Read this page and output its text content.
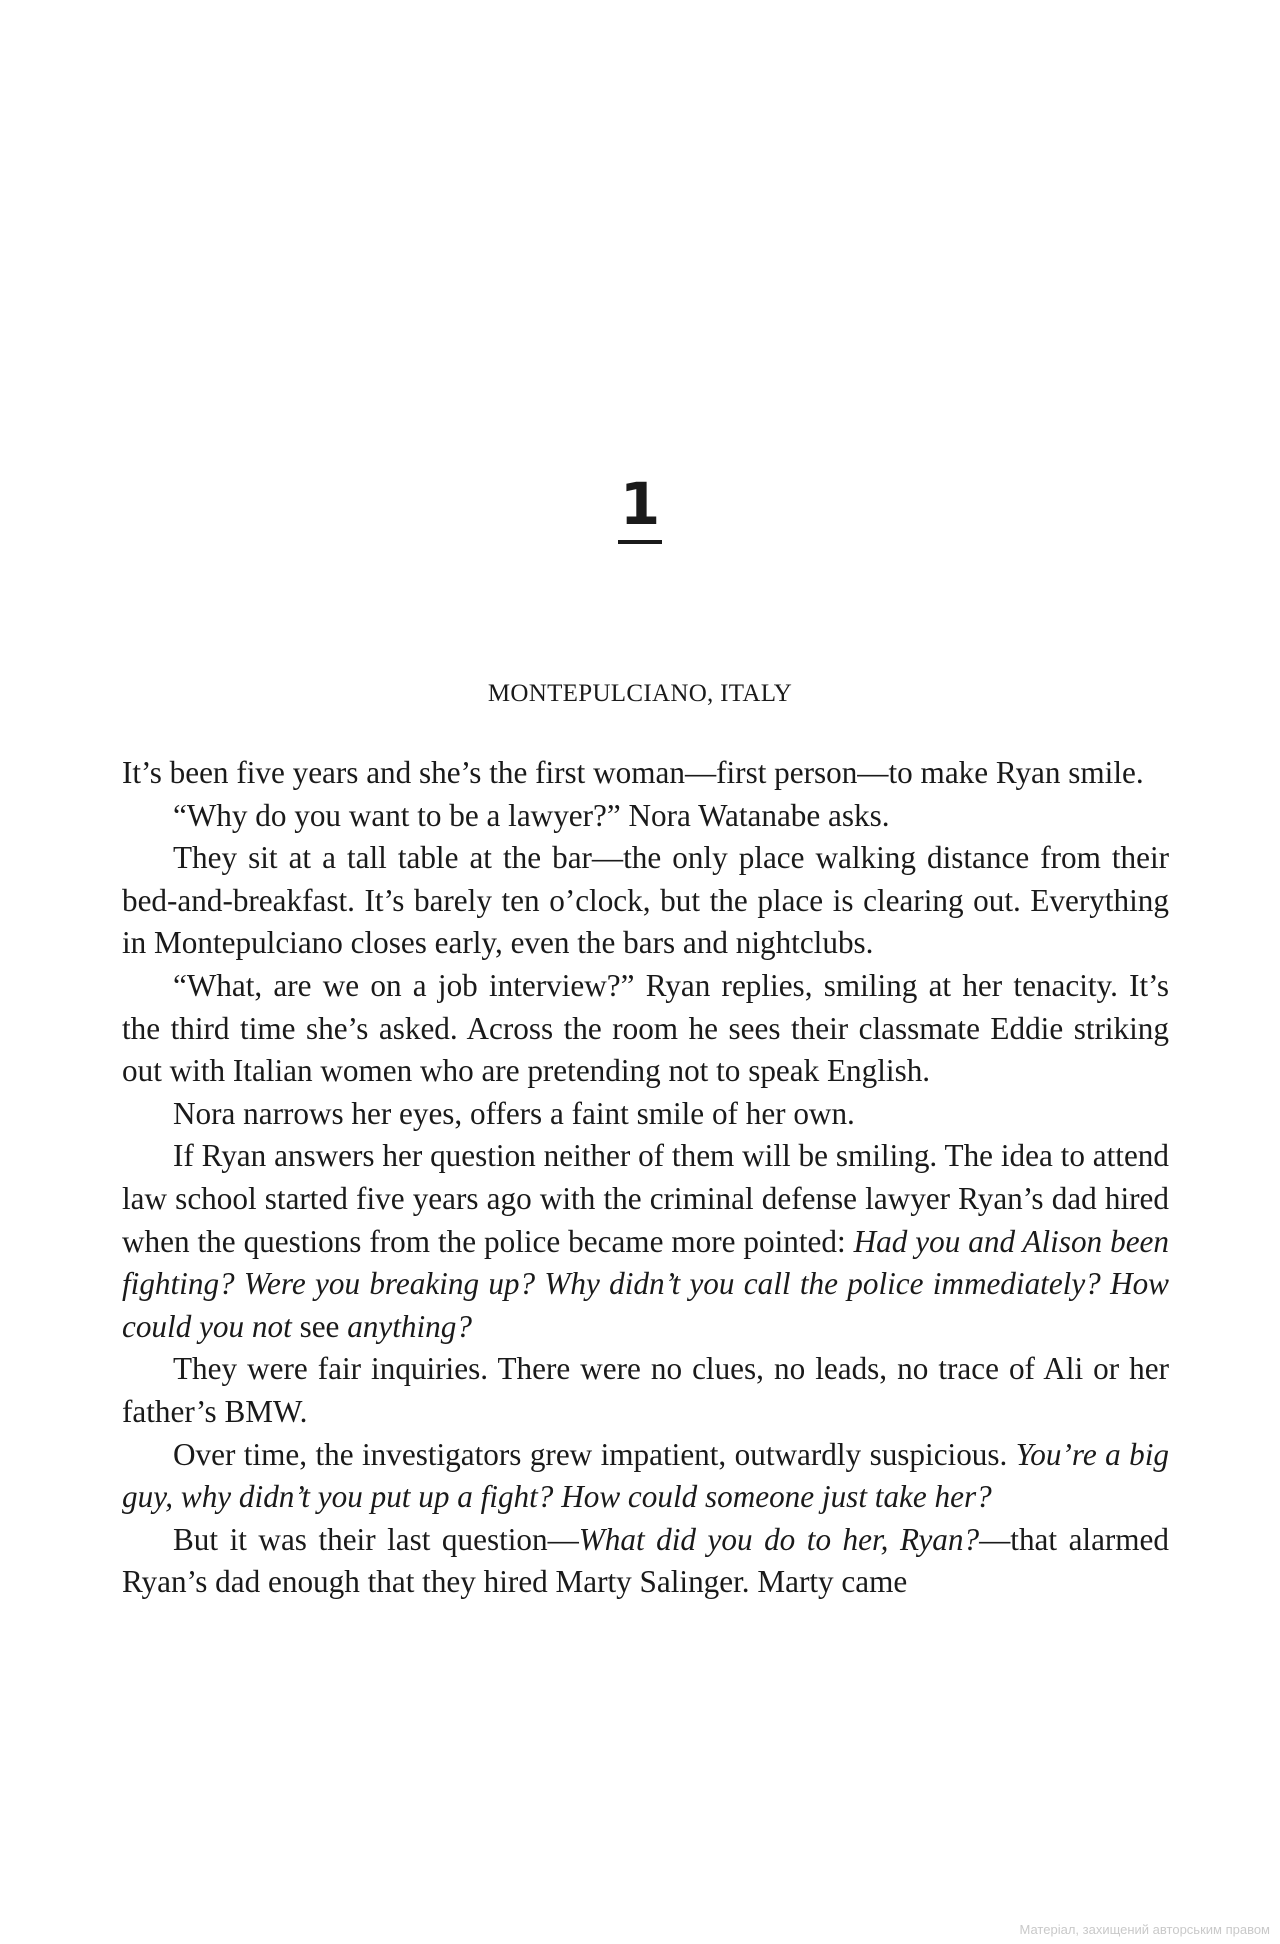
1
MONTEPULCIANO, ITALY

It’s been five years and she’s the first woman—first person—to make Ryan smile.

“Why do you want to be a lawyer?” Nora Watanabe asks.

They sit at a tall table at the bar—the only place walking distance from their bed-and-breakfast. It’s barely ten o’clock, but the place is clearing out. Everything in Montepulciano closes early, even the bars and nightclubs.

“What, are we on a job interview?” Ryan replies, smiling at her tenacity. It’s the third time she’s asked. Across the room he sees their classmate Eddie striking out with Italian women who are pretending not to speak English.

Nora narrows her eyes, offers a faint smile of her own.

If Ryan answers her question neither of them will be smiling. The idea to attend law school started five years ago with the criminal defense lawyer Ryan’s dad hired when the questions from the police became more pointed: Had you and Alison been fighting? Were you breaking up? Why didn’t you call the police immediately? How could you not see anything?

They were fair inquiries. There were no clues, no leads, no trace of Ali or her father’s BMW.

Over time, the investigators grew impatient, outwardly suspicious. You’re a big guy, why didn’t you put up a fight? How could someone just take her?

But it was their last question—What did you do to her, Ryan?—that alarmed Ryan’s dad enough that they hired Marty Salinger. Marty came

Матеріал, захищений авторським правом
